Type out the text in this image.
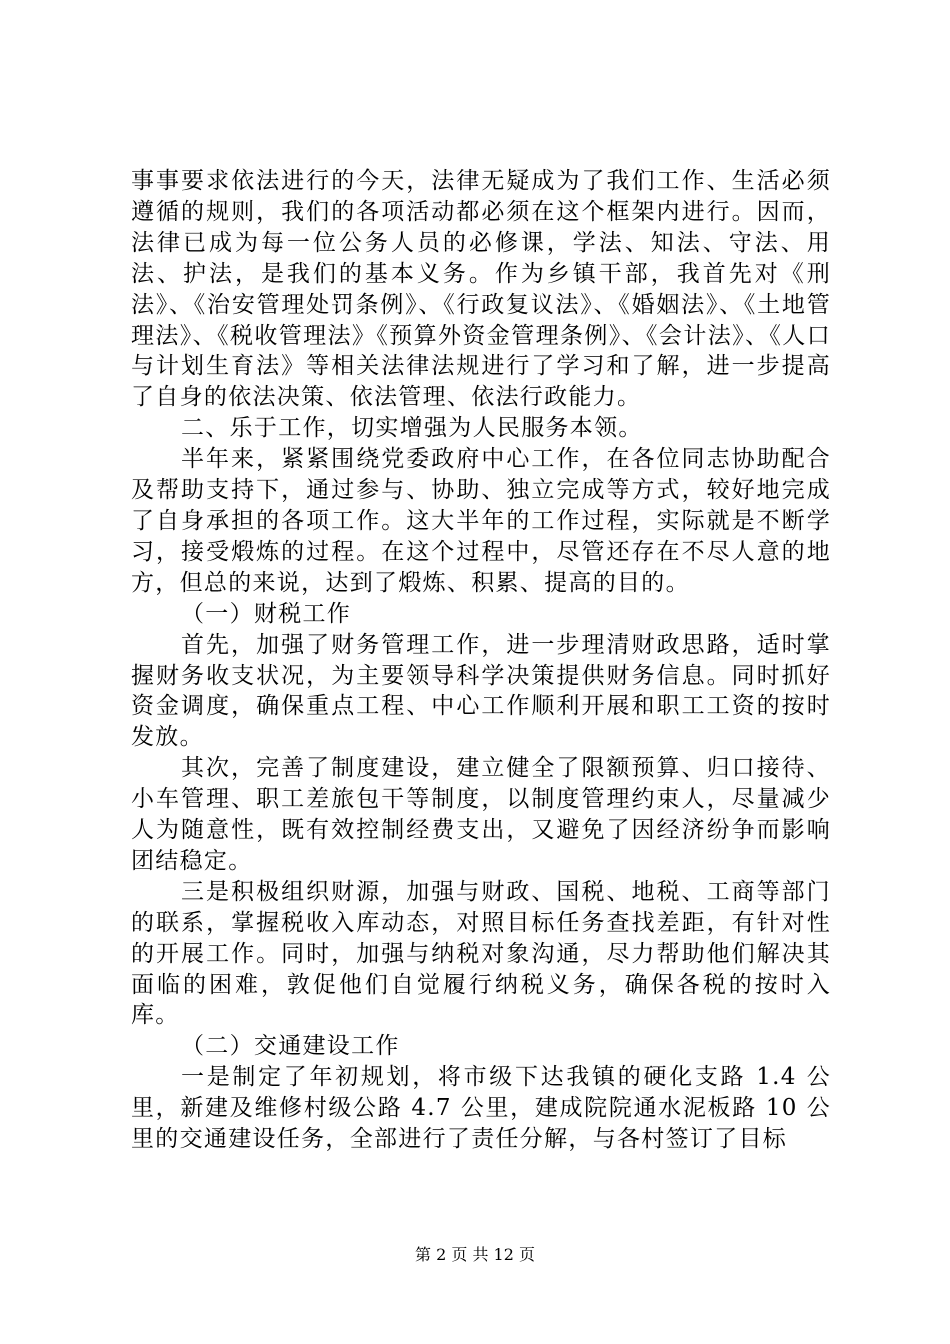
事事要求依法进行的今天，法律无疑成为了我们工作、生活必须遵循的规则，我们的各项活动都必须在这个框架内进行。因而，法律已成为每一位公务人员的必修课，学法、知法、守法、用法、护法，是我们的基本义务。作为乡镇干部，我首先对《刑法》、《治安管理处罚条例》、《行政复议法》、《婚姻法》、《土地管理法》、《税收管理法》《预算外资金管理条例》、《会计法》、《人口与计划生育法》等相关法律法规进行了学习和了解，进一步提高了自身的依法决策、依法管理、依法行政能力。

二、乐于工作，切实增强为人民服务本领。

半年来，紧紧围绕党委政府中心工作，在各位同志协助配合及帮助支持下，通过参与、协助、独立完成等方式，较好地完成了自身承担的各项工作。这大半年的工作过程，实际就是不断学习，接受煅炼的过程。在这个过程中，尽管还存在不尽人意的地方，但总的来说，达到了煅炼、积累、提高的目的。

（一）财税工作

首先，加强了财务管理工作，进一步理清财政思路，适时掌握财务收支状况，为主要领导科学决策提供财务信息。同时抓好资金调度，确保重点工程、中心工作顺利开展和职工工资的按时发放。

其次，完善了制度建设，建立健全了限额预算、归口接待、小车管理、职工差旅包干等制度，以制度管理约束人，尽量减少人为随意性，既有效控制经费支出，又避免了因经济纷争而影响团结稳定。

三是积极组织财源，加强与财政、国税、地税、工商等部门的联系，掌握税收入库动态，对照目标任务查找差距，有针对性的开展工作。同时，加强与纳税对象沟通，尽力帮助他们解决其面临的困难，敦促他们自觉履行纳税义务，确保各税的按时入库。

（二）交通建设工作

一是制定了年初规划，将市级下达我镇的硬化支路 1.4 公里，新建及维修村级公路 4.7 公里，建成院院通水泥板路 10 公里的交通建设任务，全部进行了责任分解，与各村签订了目标

第 2 页 共 12 页
